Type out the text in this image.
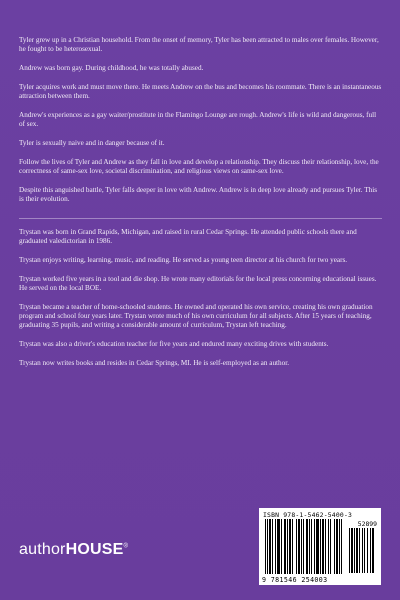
Tyler grew up in a Christian household. From the onset of memory, Tyler has been attracted to males over females. However, he fought to be heterosexual.

Andrew was born gay. During childhood, he was totally abused.

Tyler acquires work and must move there. He meets Andrew on the bus and becomes his roommate. There is an instantaneous attraction between them.

Andrew's experiences as a gay waiter/prostitute in the Flamingo Lounge are rough. Andrew's life is wild and dangerous, full of sex.

Tyler is sexually naive and in danger because of it.

Follow the lives of Tyler and Andrew as they fall in love and develop a relationship. They discuss their relationship, love, the correctness of same-sex love, societal discrimination, and religious views on same-sex love.

Despite this anguished battle, Tyler falls deeper in love with Andrew. Andrew is in deep love already and pursues Tyler. This is their evolution.

Trystan was born in Grand Rapids, Michigan, and raised in rural Cedar Springs. He attended public schools there and graduated valedictorian in 1986.

Trystan enjoys writing, learning, music, and reading. He served as young teen director at his church for two years.

Trystan worked five years in a tool and die shop. He wrote many editorials for the local press concerning educational issues. He served on the local BOE.

Trystan became a teacher of home-schooled students. He owned and operated his own service, creating his own graduation program and school four years later. Trystan wrote much of his own curriculum for all subjects. After 15 years of teaching, graduating 35 pupils, and writing a considerable amount of curriculum, Trystan left teaching.

Trystan was also a driver's education teacher for five years and endured many exciting drives with students.

Trystan now writes books and resides in Cedar Springs, MI. He is self-employed as an author.

authorHOUSE®
ISBN 978-1-5462-5400-3
52899
9 781546 254003
